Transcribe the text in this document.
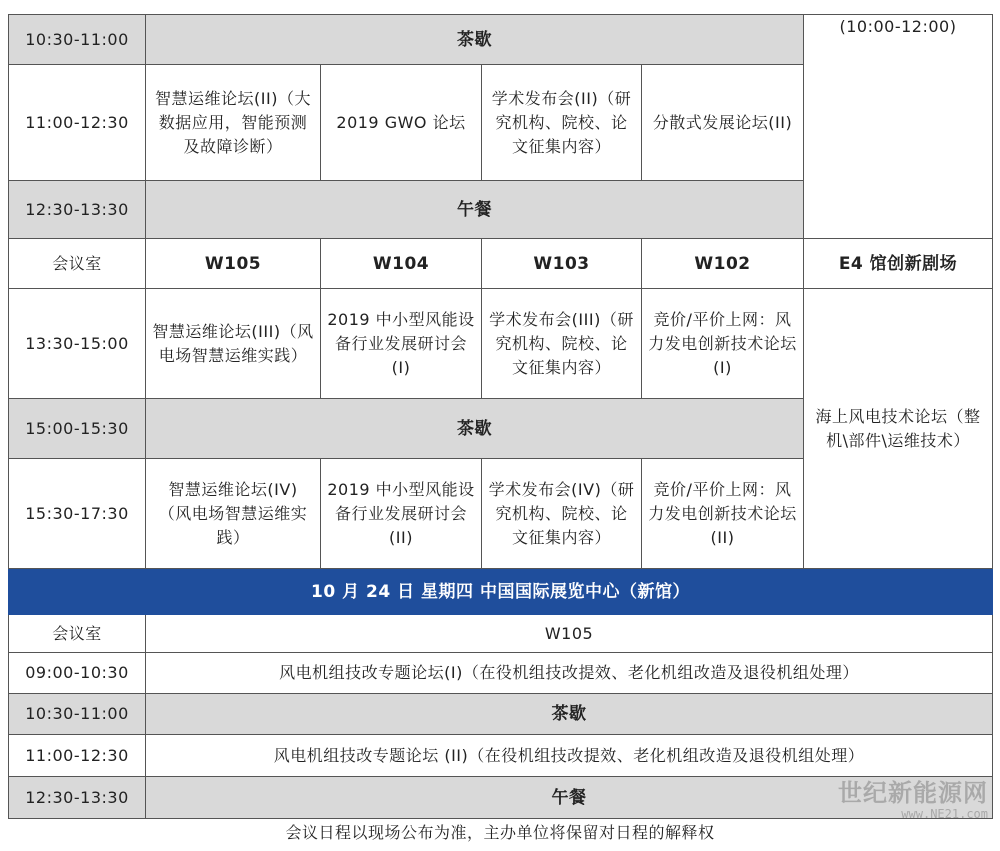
10:30-11:00	茶歇				(10:00-12:00)
11:00-12:30	智慧运维论坛(II)（大数据应用，智能预测及故障诊断）	2019 GWO 论坛	学术发布会(II)（研究机构、院校、论文征集内容）	分散式发展论坛(II)	
12:30-13:30	午餐				
会议室	W105	W104	W103	W102	E4 馆创新剧场
13:30-15:00	智慧运维论坛(III)（风电场智慧运维实践）	2019 中小型风能设备行业发展研讨会(I)	学术发布会(III)（研究机构、院校、论文征集内容）	竞价/平价上网：风力发电创新技术论坛(I)	海上风电技术论坛（整机\部件\运维技术）
15:00-15:30	茶歇				
15:30-17:30	智慧运维论坛(IV)（风电场智慧运维实践）	2019 中小型风能设备行业发展研讨会(II)	学术发布会(IV)（研究机构、院校、论文征集内容）	竞价/平价上网：风力发电创新技术论坛(II)	
10 月 24 日 星期四 中国国际展览中心（新馆）					
会议室	W105				
09:00-10:30	风电机组技改专题论坛(I)（在役机组技改提效、老化机组改造及退役机组处理）				
10:30-11:00	茶歇				
11:00-12:30	风电机组技改专题论坛 (II)（在役机组技改提效、老化机组改造及退役机组处理）				
12:30-13:30	午餐				
会议日程以现场公布为准，主办单位将保留对日程的解释权
世纪新能源网
www.NE21.com
